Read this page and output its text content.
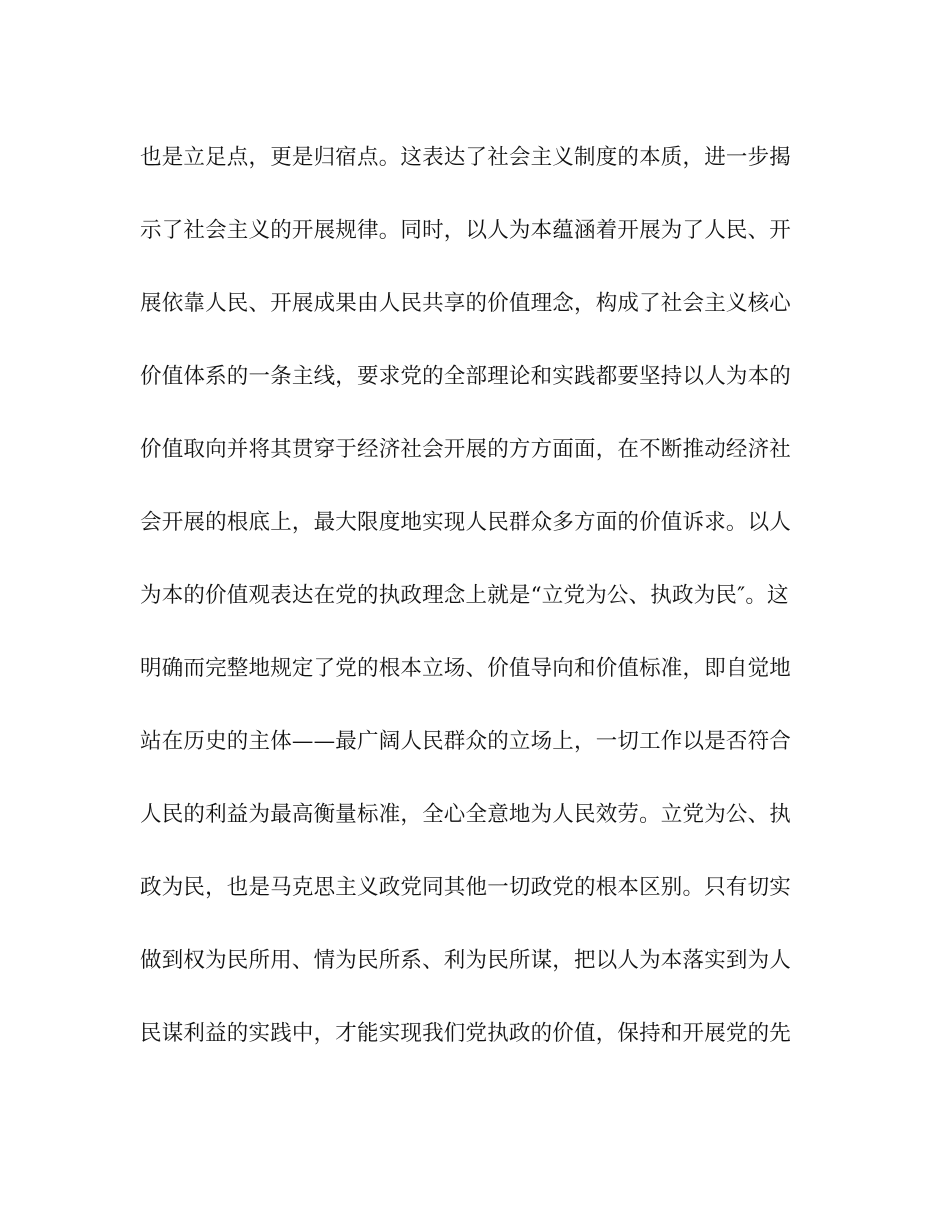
也是立足点，更是归宿点。这表达了社会主义制度的本质，进一步揭
示了社会主义的开展规律。同时，以人为本蕴涵着开展为了人民、开
展依靠人民、开展成果由人民共享的价值理念，构成了社会主义核心
价值体系的一条主线，要求党的全部理论和实践都要坚持以人为本的
价值取向并将其贯穿于经济社会开展的方方面面，在不断推动经济社
会开展的根底上，最大限度地实现人民群众多方面的价值诉求。以人
为本的价值观表达在党的执政理念上就是“立党为公、执政为民″。这
明确而完整地规定了党的根本立场、价值导向和价值标准，即自觉地
站在历史的主体——最广阔人民群众的立场上，一切工作以是否符合
人民的利益为最高衡量标准，全心全意地为人民效劳。立党为公、执
政为民，也是马克思主义政党同其他一切政党的根本区别。只有切实
做到权为民所用、情为民所系、利为民所谋，把以人为本落实到为人
民谋利益的实践中，才能实现我们党执政的价值，保持和开展党的先
